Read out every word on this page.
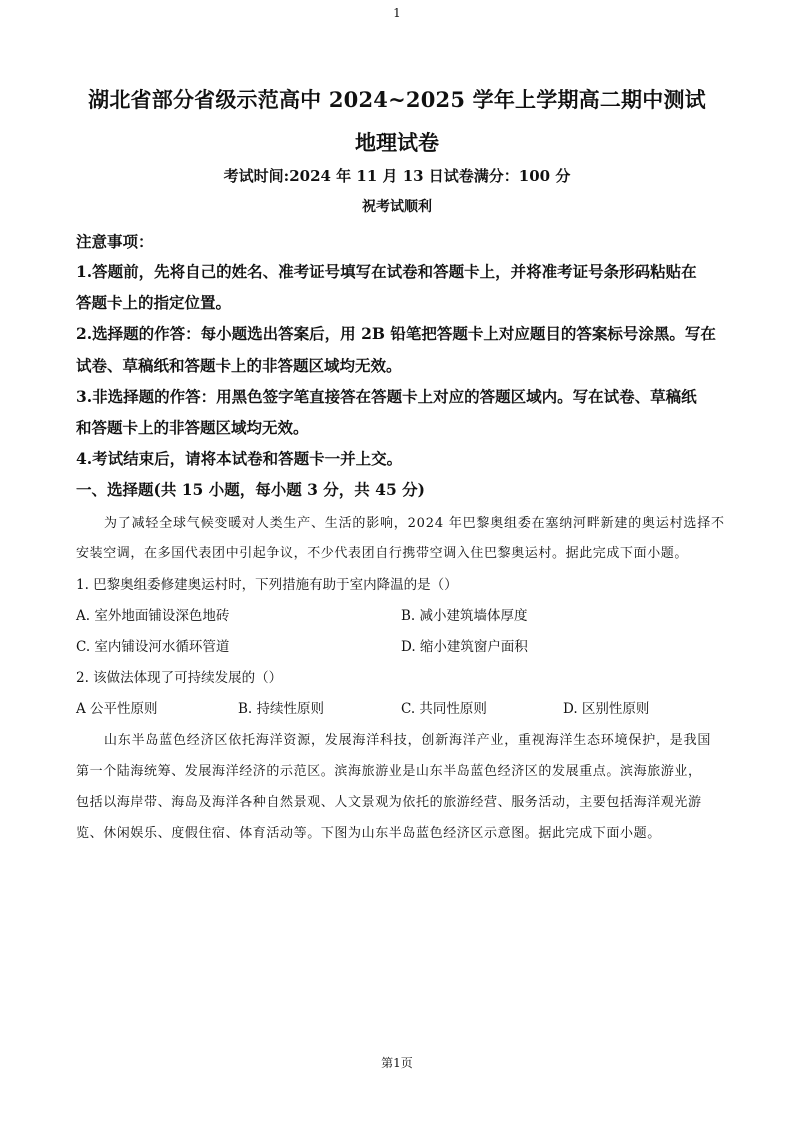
1
湖北省部分省级示范高中 2024~2025 学年上学期高二期中测试
地理试卷
考试时间:2024 年 11 月 13 日试卷满分：100 分
祝考试顺利
注意事项：
1.答题前，先将自己的姓名、准考证号填写在试卷和答题卡上，并将准考证号条形码粘贴在
答题卡上的指定位置。
2.选择题的作答：每小题选出答案后，用 2B 铅笔把答题卡上对应题目的答案标号涂黑。写在
试卷、草稿纸和答题卡上的非答题区域均无效。
3.非选择题的作答：用黑色签字笔直接答在答题卡上对应的答题区域内。写在试卷、草稿纸
和答题卡上的非答题区域均无效。
4.考试结束后，请将本试卷和答题卡一并上交。
一、选择题(共 15 小题，每小题 3 分，共 45 分)
为了减轻全球气候变暖对人类生产、生活的影响，2024 年巴黎奥组委在塞纳河畔新建的奥运村选择不
安装空调，在多国代表团中引起争议，不少代表团自行携带空调入住巴黎奥运村。据此完成下面小题。
1. 巴黎奥组委修建奥运村时，下列措施有助于室内降温的是（）
A. 室外地面铺设深色地砖	B. 减小建筑墙体厚度
C. 室内铺设河水循环管道	D. 缩小建筑窗户面积
2. 该做法体现了可持续发展的（）
A 公平性原则	B. 持续性原则	C. 共同性原则	D. 区别性原则
山东半岛蓝色经济区依托海洋资源，发展海洋科技，创新海洋产业，重视海洋生态环境保护，是我国
第一个陆海统筹、发展海洋经济的示范区。滨海旅游业是山东半岛蓝色经济区的发展重点。滨海旅游业，
包括以海岸带、海岛及海洋各种自然景观、人文景观为依托的旅游经营、服务活动，主要包括海洋观光游
览、休闲娱乐、度假住宿、体育活动等。下图为山东半岛蓝色经济区示意图。据此完成下面小题。
第1页
